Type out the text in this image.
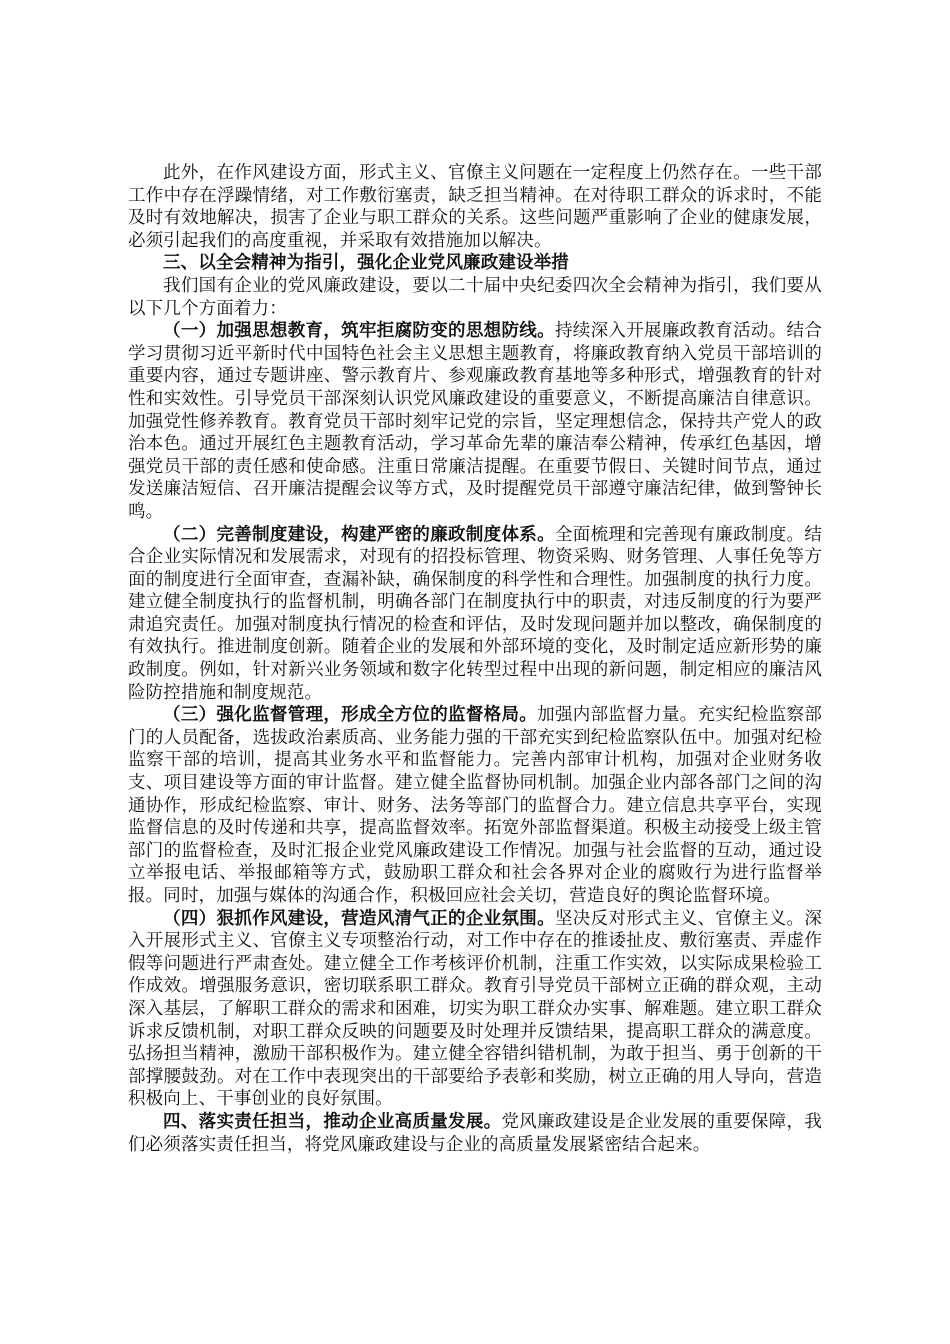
此外，在作风建设方面，形式主义、官僚主义问题在一定程度上仍然存在。一些干部工作中存在浮躁情绪，对工作敷衍塞责，缺乏担当精神。在对待职工群众的诉求时，不能及时有效地解决，损害了企业与职工群众的关系。这些问题严重影响了企业的健康发展，必须引起我们的高度重视，并采取有效措施加以解决。

三、以全会精神为指引，强化企业党风廉政建设举措

我们国有企业的党风廉政建设，要以二十届中央纪委四次全会精神为指引，我们要从以下几个方面着力：

（一）加强思想教育，筑牢拒腐防变的思想防线。持续深入开展廉政教育活动。结合学习贯彻习近平新时代中国特色社会主义思想主题教育，将廉政教育纳入党员干部培训的重要内容，通过专题讲座、警示教育片、参观廉政教育基地等多种形式，增强教育的针对性和实效性。引导党员干部深刻认识党风廉政建设的重要意义，不断提高廉洁自律意识。加强党性修养教育。教育党员干部时刻牢记党的宗旨，坚定理想信念，保持共产党人的政治本色。通过开展红色主题教育活动，学习革命先辈的廉洁奉公精神，传承红色基因，增强党员干部的责任感和使命感。注重日常廉洁提醒。在重要节假日、关键时间节点，通过发送廉洁短信、召开廉洁提醒会议等方式，及时提醒党员干部遵守廉洁纪律，做到警钟长鸣。

（二）完善制度建设，构建严密的廉政制度体系。全面梳理和完善现有廉政制度。结合企业实际情况和发展需求，对现有的招投标管理、物资采购、财务管理、人事任免等方面的制度进行全面审查，查漏补缺，确保制度的科学性和合理性。加强制度的执行力度。建立健全制度执行的监督机制，明确各部门在制度执行中的职责，对违反制度的行为要严肃追究责任。加强对制度执行情况的检查和评估，及时发现问题并加以整改，确保制度的有效执行。推进制度创新。随着企业的发展和外部环境的变化，及时制定适应新形势的廉政制度。例如，针对新兴业务领域和数字化转型过程中出现的新问题，制定相应的廉洁风险防控措施和制度规范。

（三）强化监督管理，形成全方位的监督格局。加强内部监督力量。充实纪检监察部门的人员配备，选拔政治素质高、业务能力强的干部充实到纪检监察队伍中。加强对纪检监察干部的培训，提高其业务水平和监督能力。完善内部审计机构，加强对企业财务收支、项目建设等方面的审计监督。建立健全监督协同机制。加强企业内部各部门之间的沟通协作，形成纪检监察、审计、财务、法务等部门的监督合力。建立信息共享平台，实现监督信息的及时传递和共享，提高监督效率。拓宽外部监督渠道。积极主动接受上级主管部门的监督检查，及时汇报企业党风廉政建设工作情况。加强与社会监督的互动，通过设立举报电话、举报邮箱等方式，鼓励职工群众和社会各界对企业的腐败行为进行监督举报。同时，加强与媒体的沟通合作，积极回应社会关切，营造良好的舆论监督环境。

（四）狠抓作风建设，营造风清气正的企业氛围。坚决反对形式主义、官僚主义。深入开展形式主义、官僚主义专项整治行动，对工作中存在的推诿扯皮、敷衍塞责、弄虚作假等问题进行严肃查处。建立健全工作考核评价机制，注重工作实效，以实际成果检验工作成效。增强服务意识，密切联系职工群众。教育引导党员干部树立正确的群众观，主动深入基层，了解职工群众的需求和困难，切实为职工群众办实事、解难题。建立职工群众诉求反馈机制，对职工群众反映的问题要及时处理并反馈结果，提高职工群众的满意度。弘扬担当精神，激励干部积极作为。建立健全容错纠错机制，为敢于担当、勇于创新的干部撑腰鼓劲。对在工作中表现突出的干部要给予表彰和奖励，树立正确的用人导向，营造积极向上、干事创业的良好氛围。

四、落实责任担当，推动企业高质量发展。党风廉政建设是企业发展的重要保障，我们必须落实责任担当，将党风廉政建设与企业的高质量发展紧密结合起来。
